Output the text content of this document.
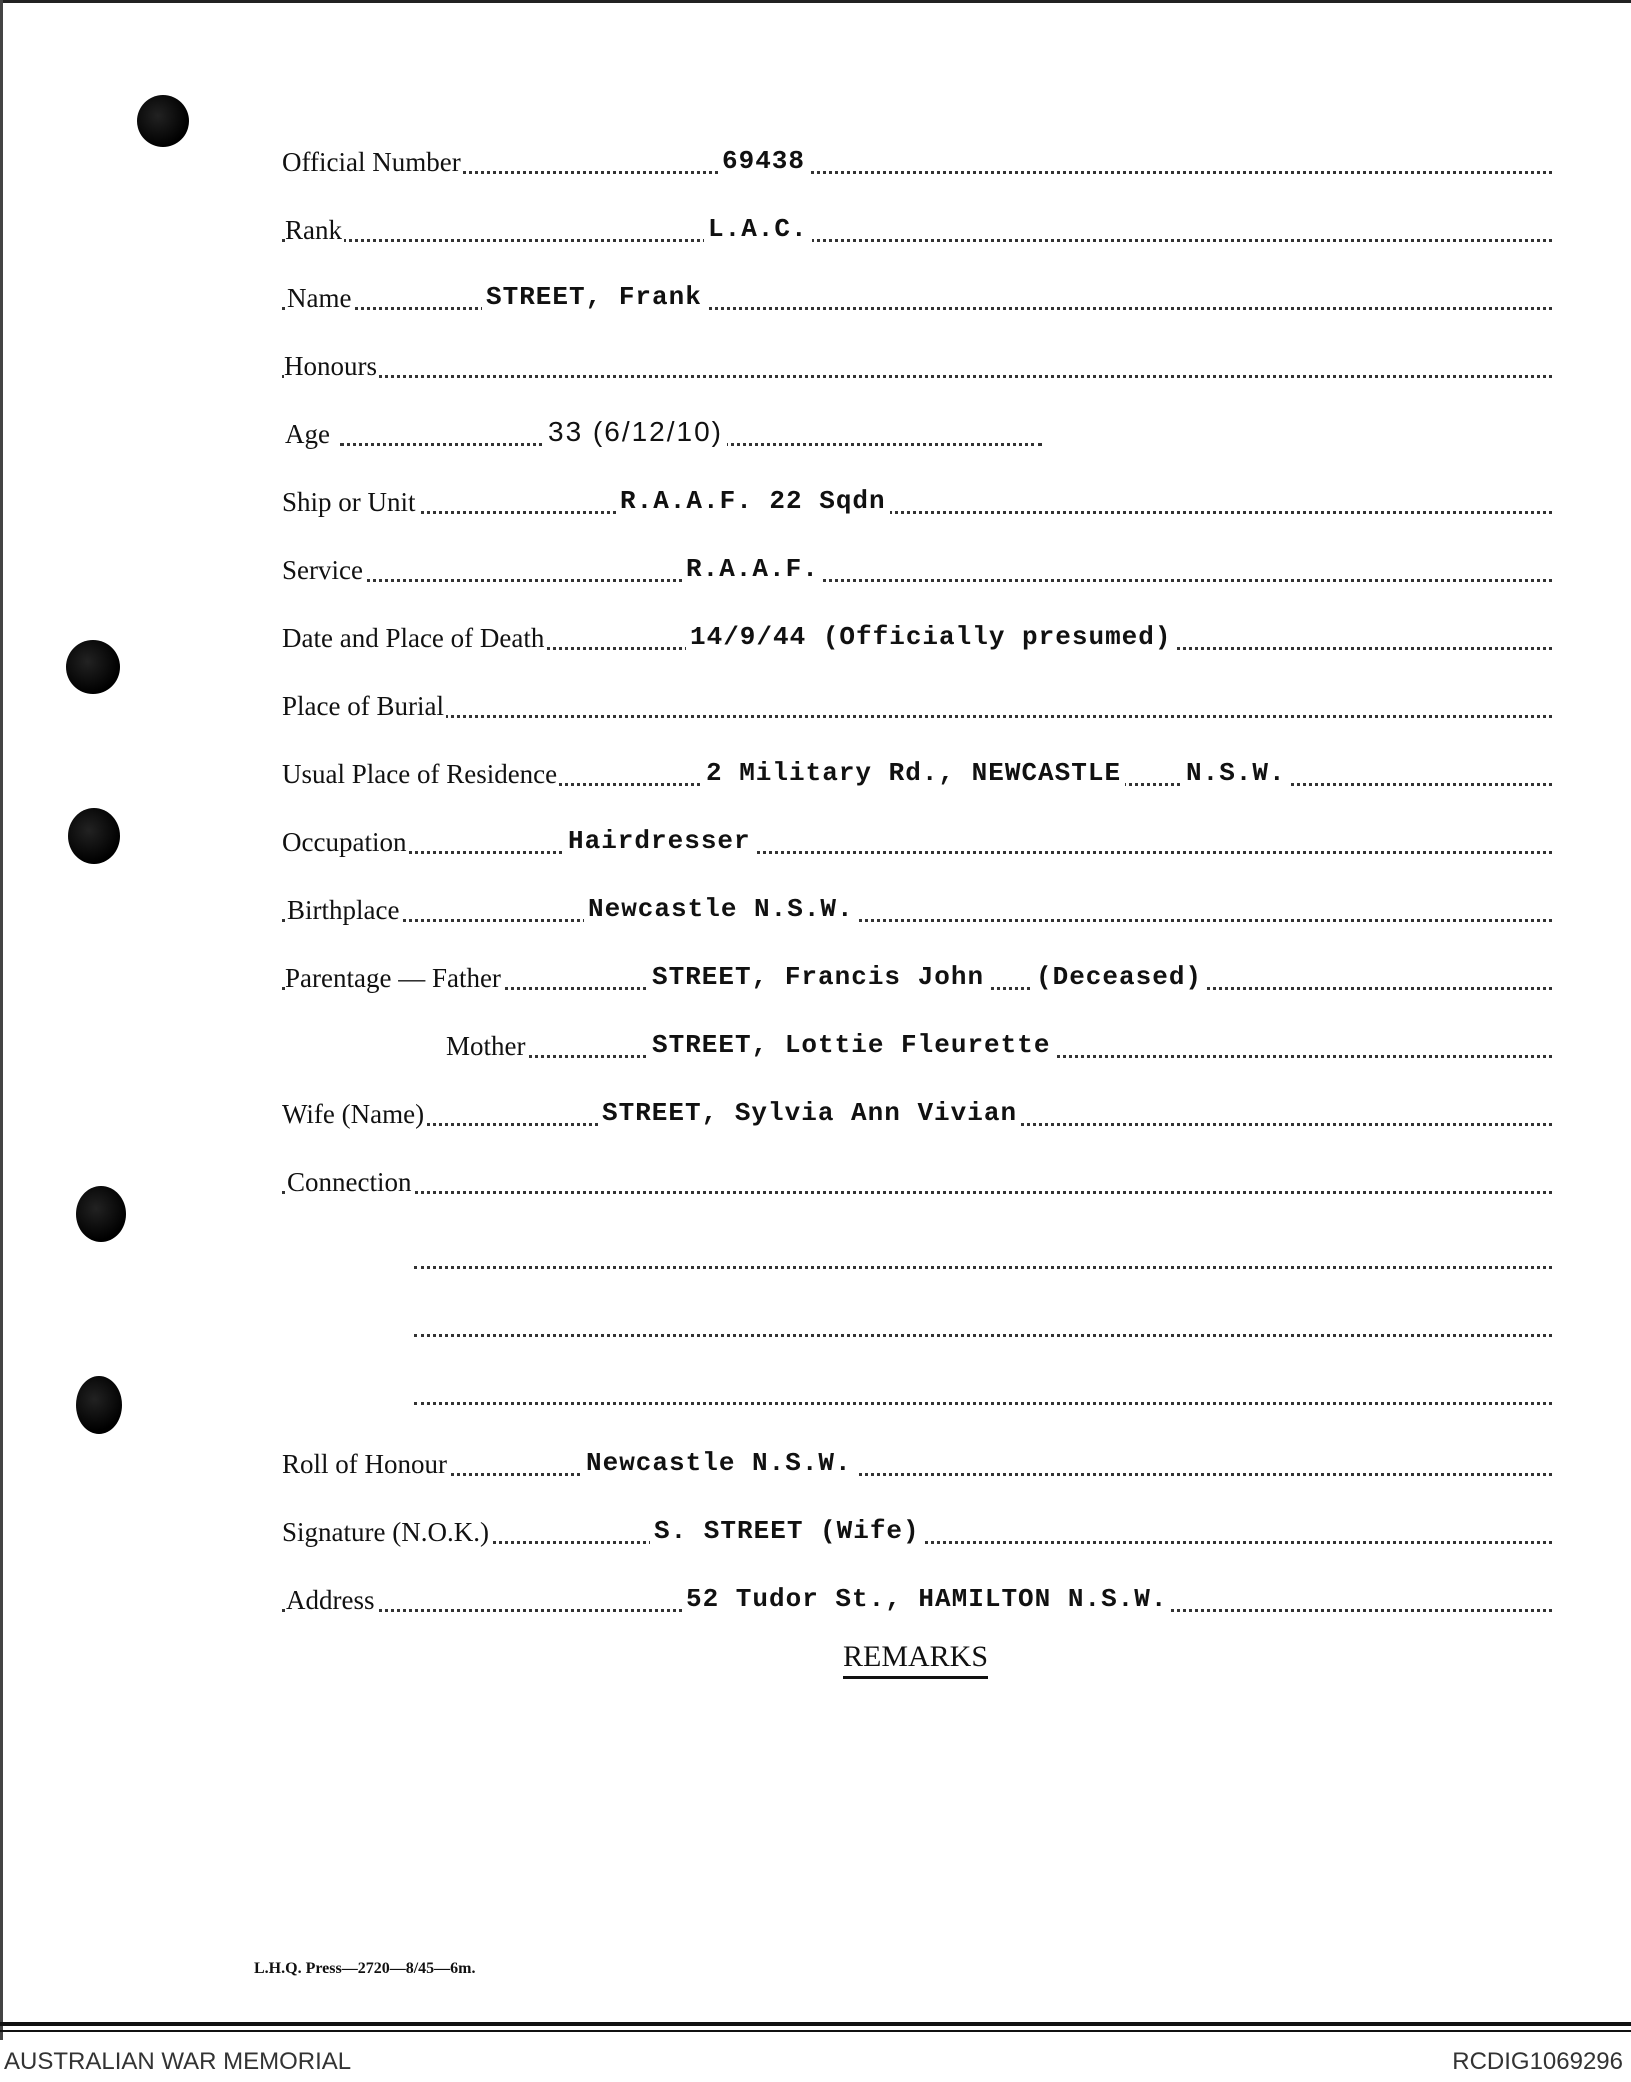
Official Number	69438
Rank	L.A.C.
Name	STREET, Frank
Honours
Age	33 (6/12/10)
Ship or Unit	R.A.A.F. 22 Sqdn
Service	R.A.A.F.
Date and Place of Death	14/9/44 (Officially presumed)
Place of Burial
Usual Place of Residence	2 Military Rd., NEWCASTLE N.S.W.
Occupation	Hairdresser
Birthplace	Newcastle N.S.W.
Parentage — Father	STREET, Francis John (Deceased)
Mother	STREET, Lottie Fleurette
Wife (Name)	STREET, Sylvia Ann Vivian
Connection
Roll of Honour	Newcastle N.S.W.
Signature (N.O.K.)	S. STREET (Wife)
Address	52 Tudor St., HAMILTON N.S.W.
REMARKS
L.H.Q. Press—2720—8/45—6m.
AUSTRALIAN WAR MEMORIAL	RCDIG1069296
